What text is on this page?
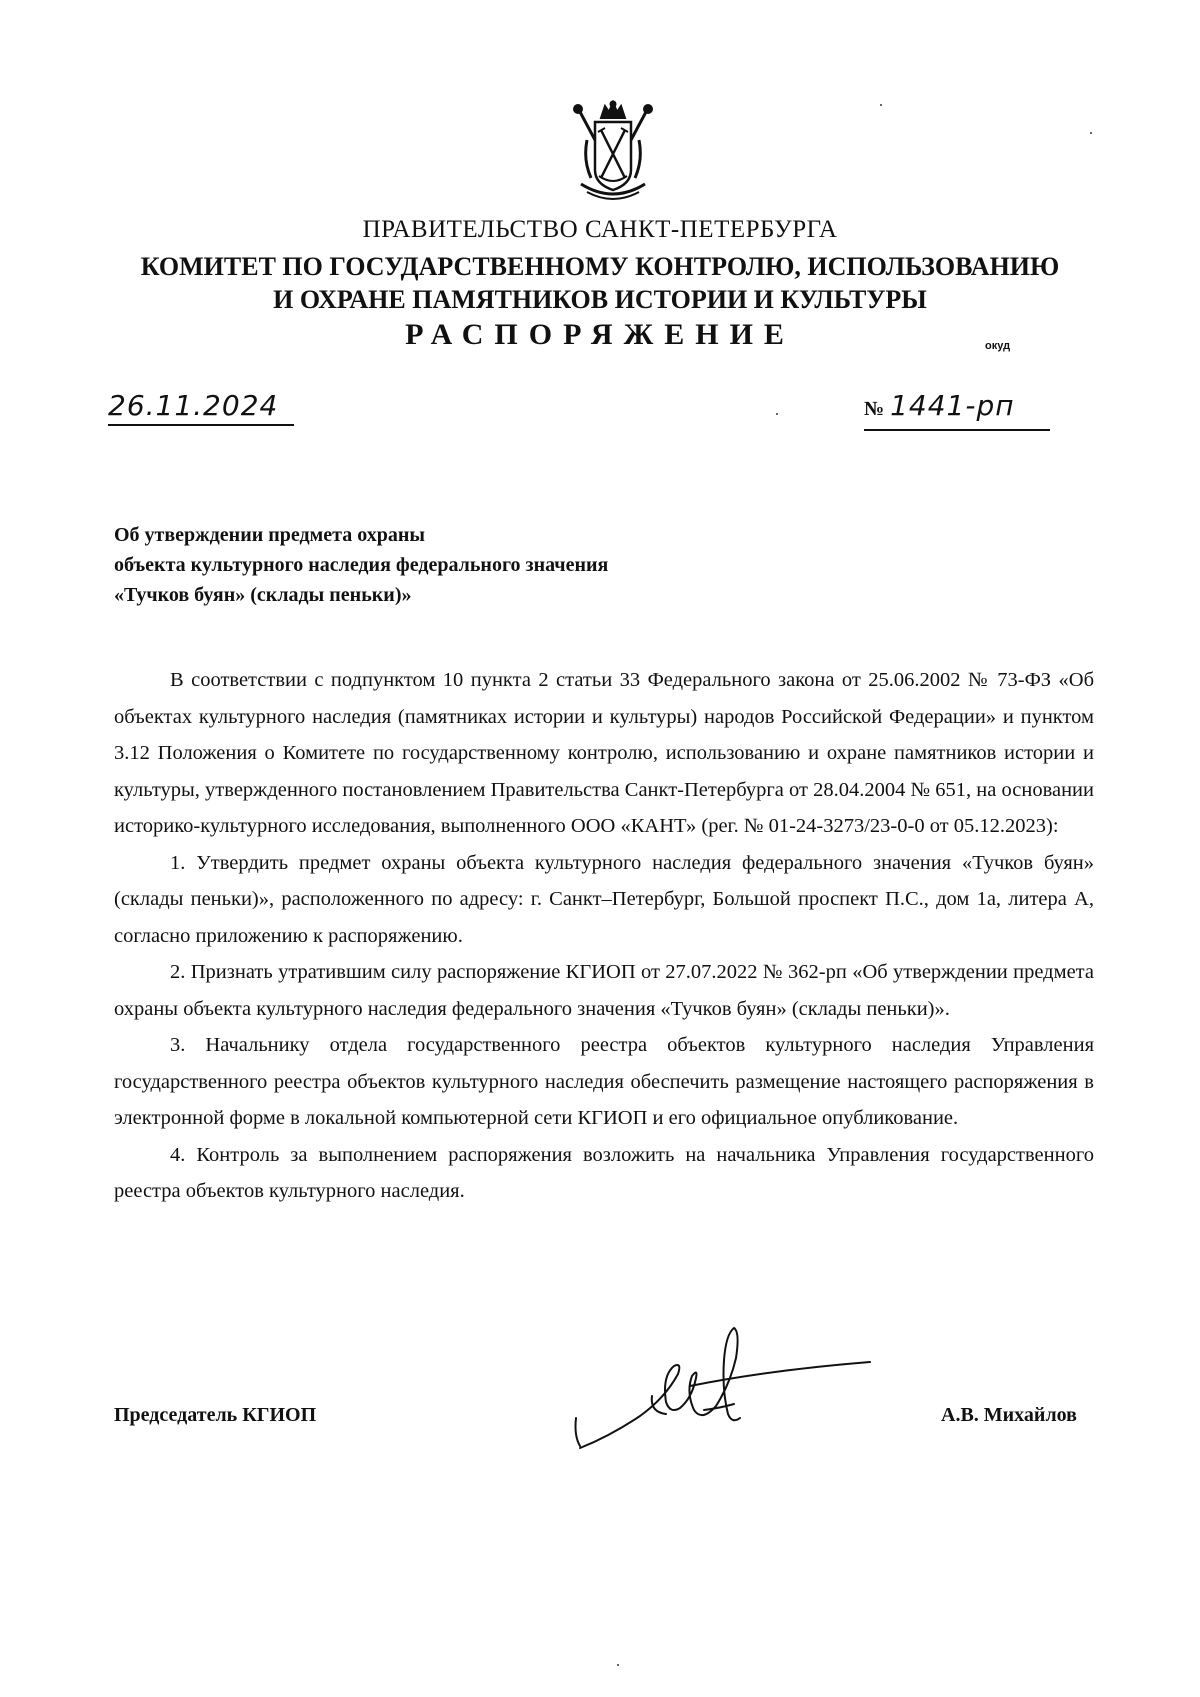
ПРАВИТЕЛЬСТВО САНКТ-ПЕТЕРБУРГА
КОМИТЕТ ПО ГОСУДАРСТВЕННОМУ КОНТРОЛЮ, ИСПОЛЬЗОВАНИЮ
И ОХРАНЕ ПАМЯТНИКОВ ИСТОРИИ И КУЛЬТУРЫ
РАСПОРЯЖЕНИЕ	окуд
26.11.2024	№ 1441-рп
Об утверждении предмета охраны
объекта культурного наследия федерального значения
«Тучков буян» (склады пеньки)»

В соответствии с подпунктом 10 пункта 2 статьи 33 Федерального закона от 25.06.2002 № 73-ФЗ «Об объектах культурного наследия (памятниках истории и культуры) народов Российской Федерации» и пунктом 3.12 Положения о Комитете по государственному контролю, использованию и охране памятников истории и культуры, утвержденного постановлением Правительства Санкт-Петербурга от 28.04.2004 № 651, на основании историко-культурного исследования, выполненного ООО «КАНТ» (рег. № 01-24-3273/23-0-0 от 05.12.2023):

1. Утвердить предмет охраны объекта культурного наследия федерального значения «Тучков буян» (склады пеньки)», расположенного по адресу: г. Санкт–Петербург, Большой проспект П.С., дом 1а, литера А, согласно приложению к распоряжению.

2. Признать утратившим силу распоряжение КГИОП от 27.07.2022 № 362-рп «Об утверждении предмета охраны объекта культурного наследия федерального значения «Тучков буян» (склады пеньки)».

3. Начальнику отдела государственного реестра объектов культурного наследия Управления государственного реестра объектов культурного наследия обеспечить размещение настоящего распоряжения в электронной форме в локальной компьютерной сети КГИОП и его официальное опубликование.

4. Контроль за выполнением распоряжения возложить на начальника Управления государственного реестра объектов культурного наследия.

Председатель КГИОП	А.В. Михайлов
